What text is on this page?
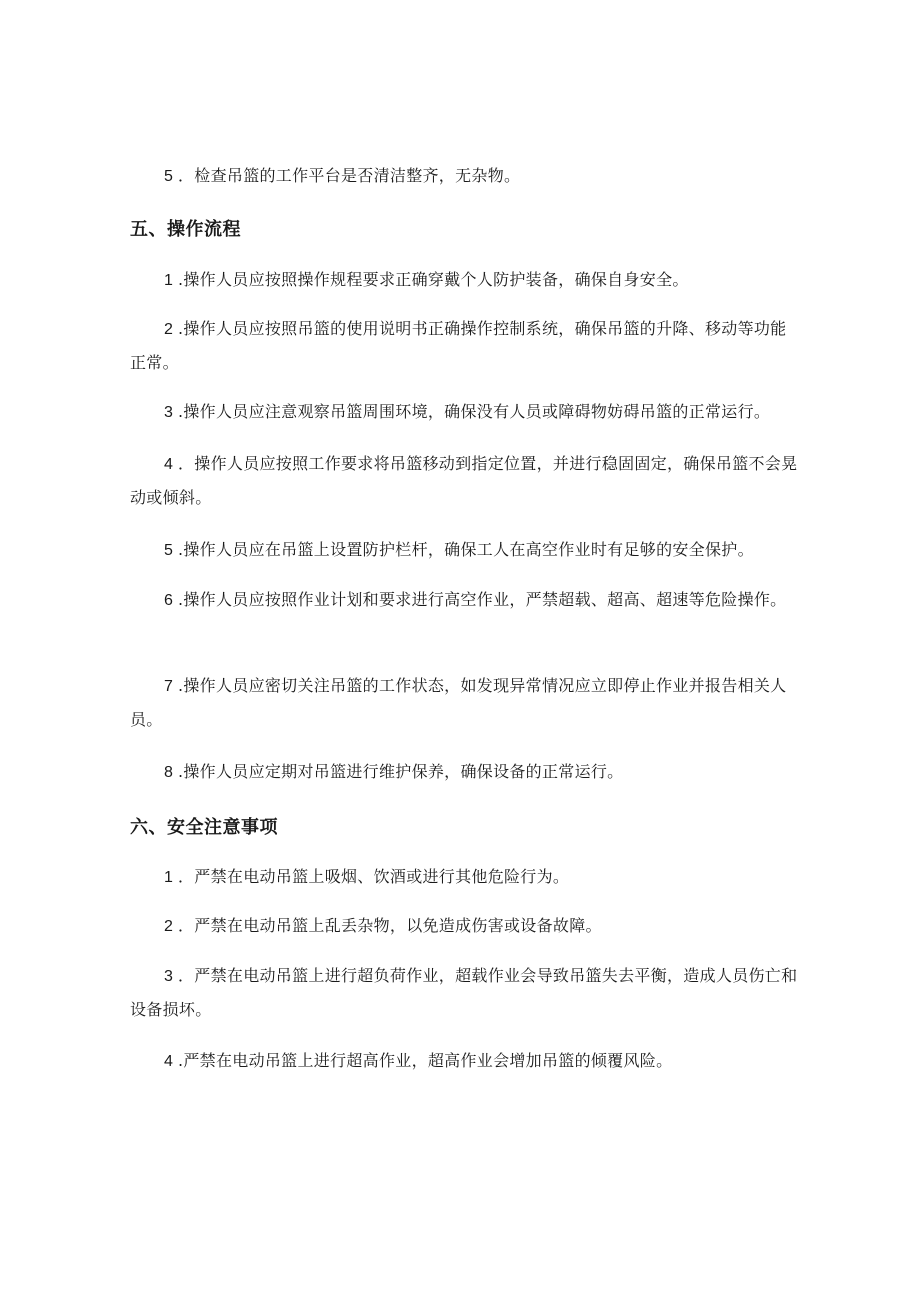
5 ．检查吊篮的工作平台是否清洁整齐，无杂物。

五、操作流程

1 .操作人员应按照操作规程要求正确穿戴个人防护装备，确保自身安全。

2 .操作人员应按照吊篮的使用说明书正确操作控制系统，确保吊篮的升降、移动等功能正常。

3 .操作人员应注意观察吊篮周围环境，确保没有人员或障碍物妨碍吊篮的正常运行。

4 ．操作人员应按照工作要求将吊篮移动到指定位置，并进行稳固固定，确保吊篮不会晃动或倾斜。

5 .操作人员应在吊篮上设置防护栏杆，确保工人在高空作业时有足够的安全保护。

6 .操作人员应按照作业计划和要求进行高空作业，严禁超载、超高、超速等危险操作。

7 .操作人员应密切关注吊篮的工作状态，如发现异常情况应立即停止作业并报告相关人员。

8 .操作人员应定期对吊篮进行维护保养，确保设备的正常运行。

六、安全注意事项

1 ．严禁在电动吊篮上吸烟、饮酒或进行其他危险行为。

2 ．严禁在电动吊篮上乱丢杂物，以免造成伤害或设备故障。

3 ．严禁在电动吊篮上进行超负荷作业，超载作业会导致吊篮失去平衡，造成人员伤亡和设备损坏。

4 .严禁在电动吊篮上进行超高作业，超高作业会增加吊篮的倾覆风险。
